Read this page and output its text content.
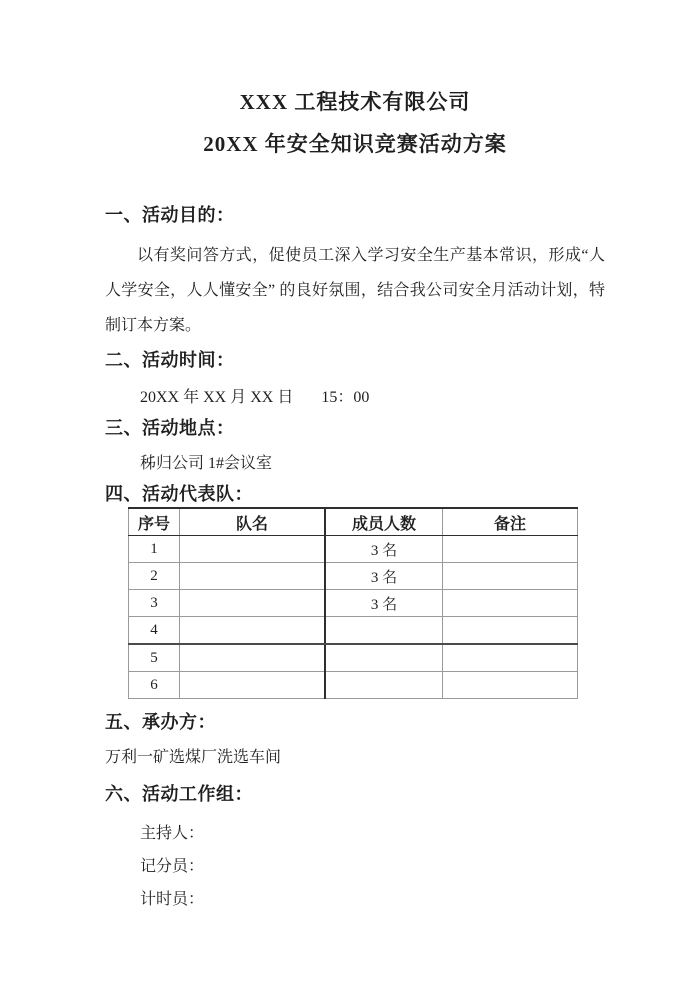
XXX 工程技术有限公司
20XX 年安全知识竞赛活动方案
一、活动目的：

以有奖问答方式，促使员工深入学习安全生产基本常识，形成“人人学安全，人人懂安全” 的良好氛围，结合我公司安全月活动计划，特制订本方案。

二、活动时间：
20XX 年 XX 月 XX 日 15：00
三、活动地点：
秭归公司 1#会议室
四、活动代表队：
序号	队名	成员人数	备注
1		3 名	
2		3 名	
3		3 名	
4			
5			
6			
五、承办方：
万利一矿选煤厂洗选车间
六、活动工作组：
主持人：
记分员：
计时员：
